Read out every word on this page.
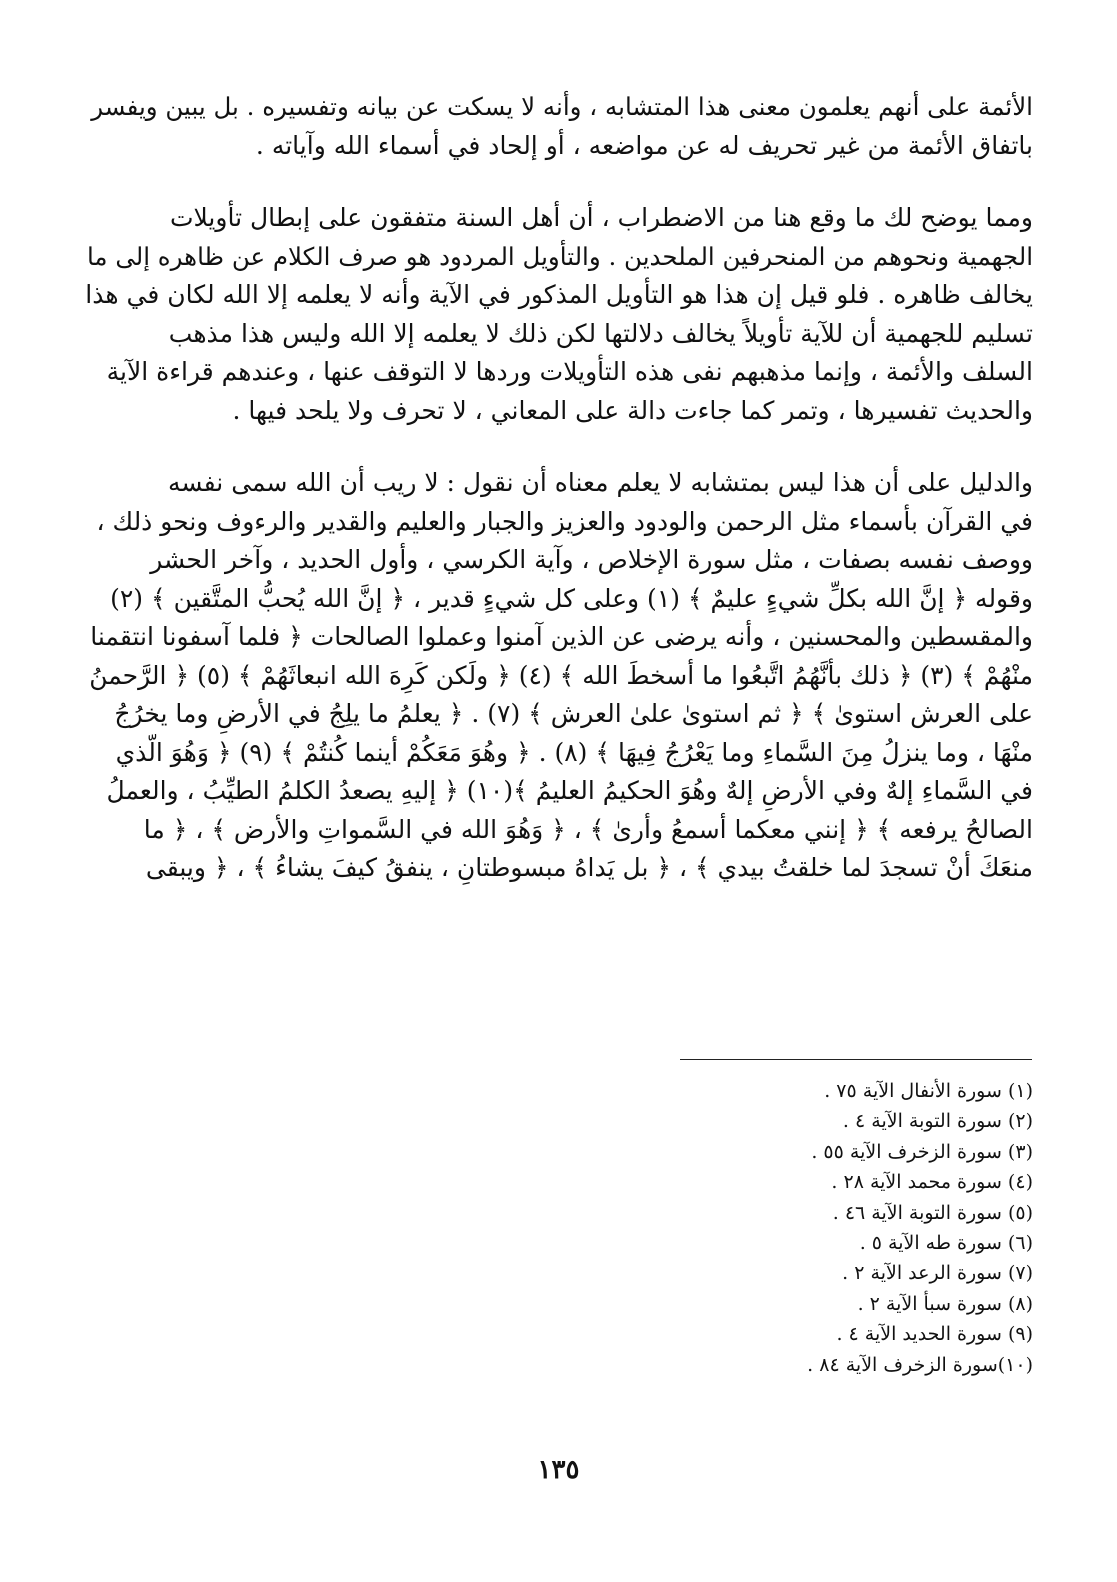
الأئمة على أنهم يعلمون معنى هذا المتشابه ، وأنه لا يسكت عن بيانه وتفسيره . بل يبين ويفسر
باتفاق الأئمة من غير تحريف له عن مواضعه ، أو إلحاد في أسماء الله وآياته .
ومما يوضح لك ما وقع هنا من الاضطراب ، أن أهل السنة متفقون على إبطال تأويلات
الجهمية ونحوهم من المنحرفين الملحدين . والتأويل المردود هو صرف الكلام عن ظاهره إلى ما
يخالف ظاهره . فلو قيل إن هذا هو التأويل المذكور في الآية وأنه لا يعلمه إلا الله لكان في هذا
تسليم للجهمية أن للآية تأويلاً يخالف دلالتها لكن ذلك لا يعلمه إلا الله وليس هذا مذهب
السلف والأئمة ، وإنما مذهبهم نفى هذه التأويلات وردها لا التوقف عنها ، وعندهم قراءة الآية
والحديث تفسيرها ، وتمر كما جاءت دالة على المعاني ، لا تحرف ولا يلحد فيها .
والدليل على أن هذا ليس بمتشابه لا يعلم معناه أن نقول : لا ريب أن الله سمى نفسه
في القرآن بأسماء مثل الرحمن والودود والعزيز والجبار والعليم والقدير والرءوف ونحو ذلك ،
ووصف نفسه بصفات ، مثل سورة الإخلاص ، وآية الكرسي ، وأول الحديد ، وآخر الحشر
وقوله ﴿ إنَّ الله بكلِّ شيءٍ عليمٌ ﴾ (١) وعلى كل شيءٍ قدير ، ﴿ إنَّ الله يُحبُّ المتَّقين ﴾ (٢)
والمقسطين والمحسنين ، وأنه يرضى عن الذين آمنوا وعملوا الصالحات ﴿ فلما آسفونا انتقمنا
منْهُمْ ﴾ (٣) ﴿ ذلك بأنَّهُمُ اتَّبعُوا ما أسخطَ الله ﴾ (٤) ﴿ ولَكن كَرِهَ الله انبعاثَهُمْ ﴾ (٥) ﴿ الرَّحمنُ
على العرش استوىٰ ﴾ ﴿ ثم استوىٰ علىٰ العرش ﴾ (٧) . ﴿ يعلمُ ما يلِجُ في الأرضِ وما يخرُجُ
منْهَا ، وما ينزلُ مِنَ السَّماءِ وما يَعْرُجُ فِيهَا ﴾ (٨) . ﴿ وهُوَ مَعَكُمْ أينما كُنتُمْ ﴾ (٩) ﴿ وَهُوَ الَّذي
في السَّماءِ إلهٌ وفي الأرضِ إلهٌ وهُوَ الحكيمُ العليمُ ﴾(١٠) ﴿ إليهِ يصعدُ الكلمُ الطيِّبُ ، والعملُ
الصالحُ يرفعه ﴾ ﴿ إنني معكما أسمعُ وأرىٰ ﴾ ، ﴿ وَهُوَ الله في السَّمواتِ والأرض ﴾ ، ﴿ ما
منعَكَ أنْ تسجدَ لما خلقتُ بيدي ﴾ ، ﴿ بل يَداهُ مبسوطتانِ ، ينفقُ كيفَ يشاءُ ﴾ ، ﴿ ويبقى
(١) سورة الأنفال الآية ٧٥ .
(٢) سورة التوبة الآية ٤ .
(٣) سورة الزخرف الآية ٥٥ .
(٤) سورة محمد الآية ٢٨ .
(٥) سورة التوبة الآية ٤٦ .
(٦) سورة طه الآية ٥ .
(٧) سورة الرعد الآية ٢ .
(٨) سورة سبأ الآية ٢ .
(٩) سورة الحديد الآية ٤ .
(١٠)سورة الزخرف الآية ٨٤ .
١٣٥
